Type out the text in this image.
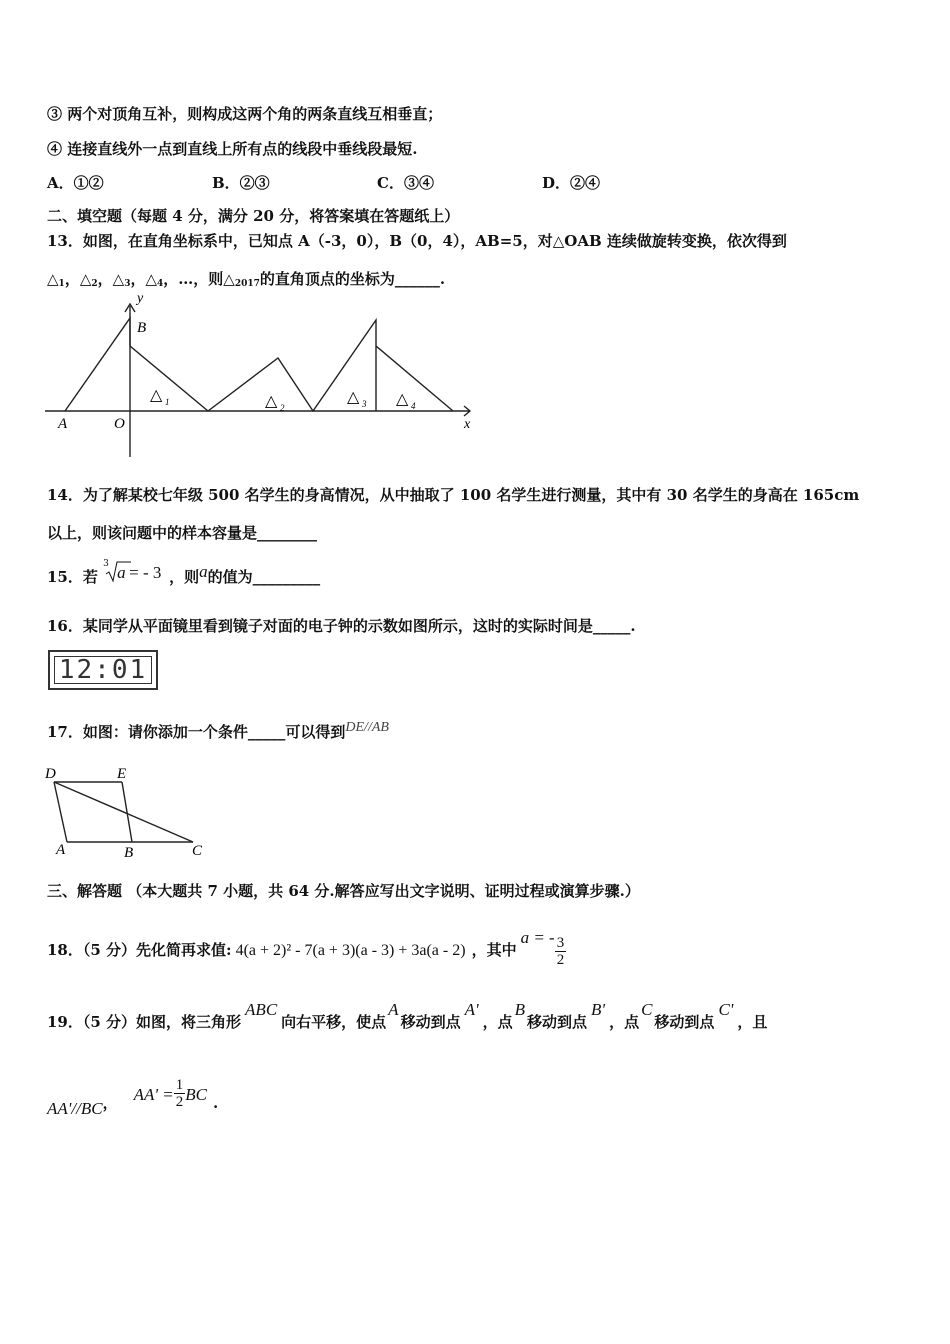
③ 两个对顶角互补，则构成这两个角的两条直线互相垂直；
④ 连接直线外一点到直线上所有点的线段中垂线段最短.
A．①②	B．②③	C．③④	D．②④
二、填空题（每题 4 分，满分 20 分，将答案填在答题纸上）
13．如图，在直角坐标系中，已知点 A（-3，0），B（0，4），AB=5，对△OAB 连续做旋转变换，依次得到
$\triangle_1$，$\triangle_2$，$\triangle_3$，$\triangle_4$，…，则$\triangle_{2017}$的直角顶点的坐标为______.
y
B
A	O	x
△ 1	△ 2
△ 3 △ 4
14．为了解某校七年级 500 名学生的身高情况，从中抽取了 100 名学生进行测量，其中有 30 名学生的身高在 165cm
以上，则该问题中的样本容量是________
15．若
3 a = - 3 ，则a的值为_________
16．某同学从平面镜里看到镜子对面的电子钟的示数如图所示，这时的实际时间是_____.
12:01
17．如图：请你添加一个条件_____可以得到DE//AB
D	E
A	B	C
三、解答题 （本大题共 7 小题，共 64 分.解答应写出文字说明、证明过程或演算步骤.）
18．（5 分）先化简再求值: 4(a + 2)² - 7(a + 3)(a - 3) + 3a(a - 2) ，其中a = - $\frac{3}{2}$
19．（5 分）如图，将三角形ABC向右平移，使点A移动到点A'，点B移动到点B'，点C移动到点C'，且
AA'//BC， $AA' = \frac{1}{2}$ BC .
